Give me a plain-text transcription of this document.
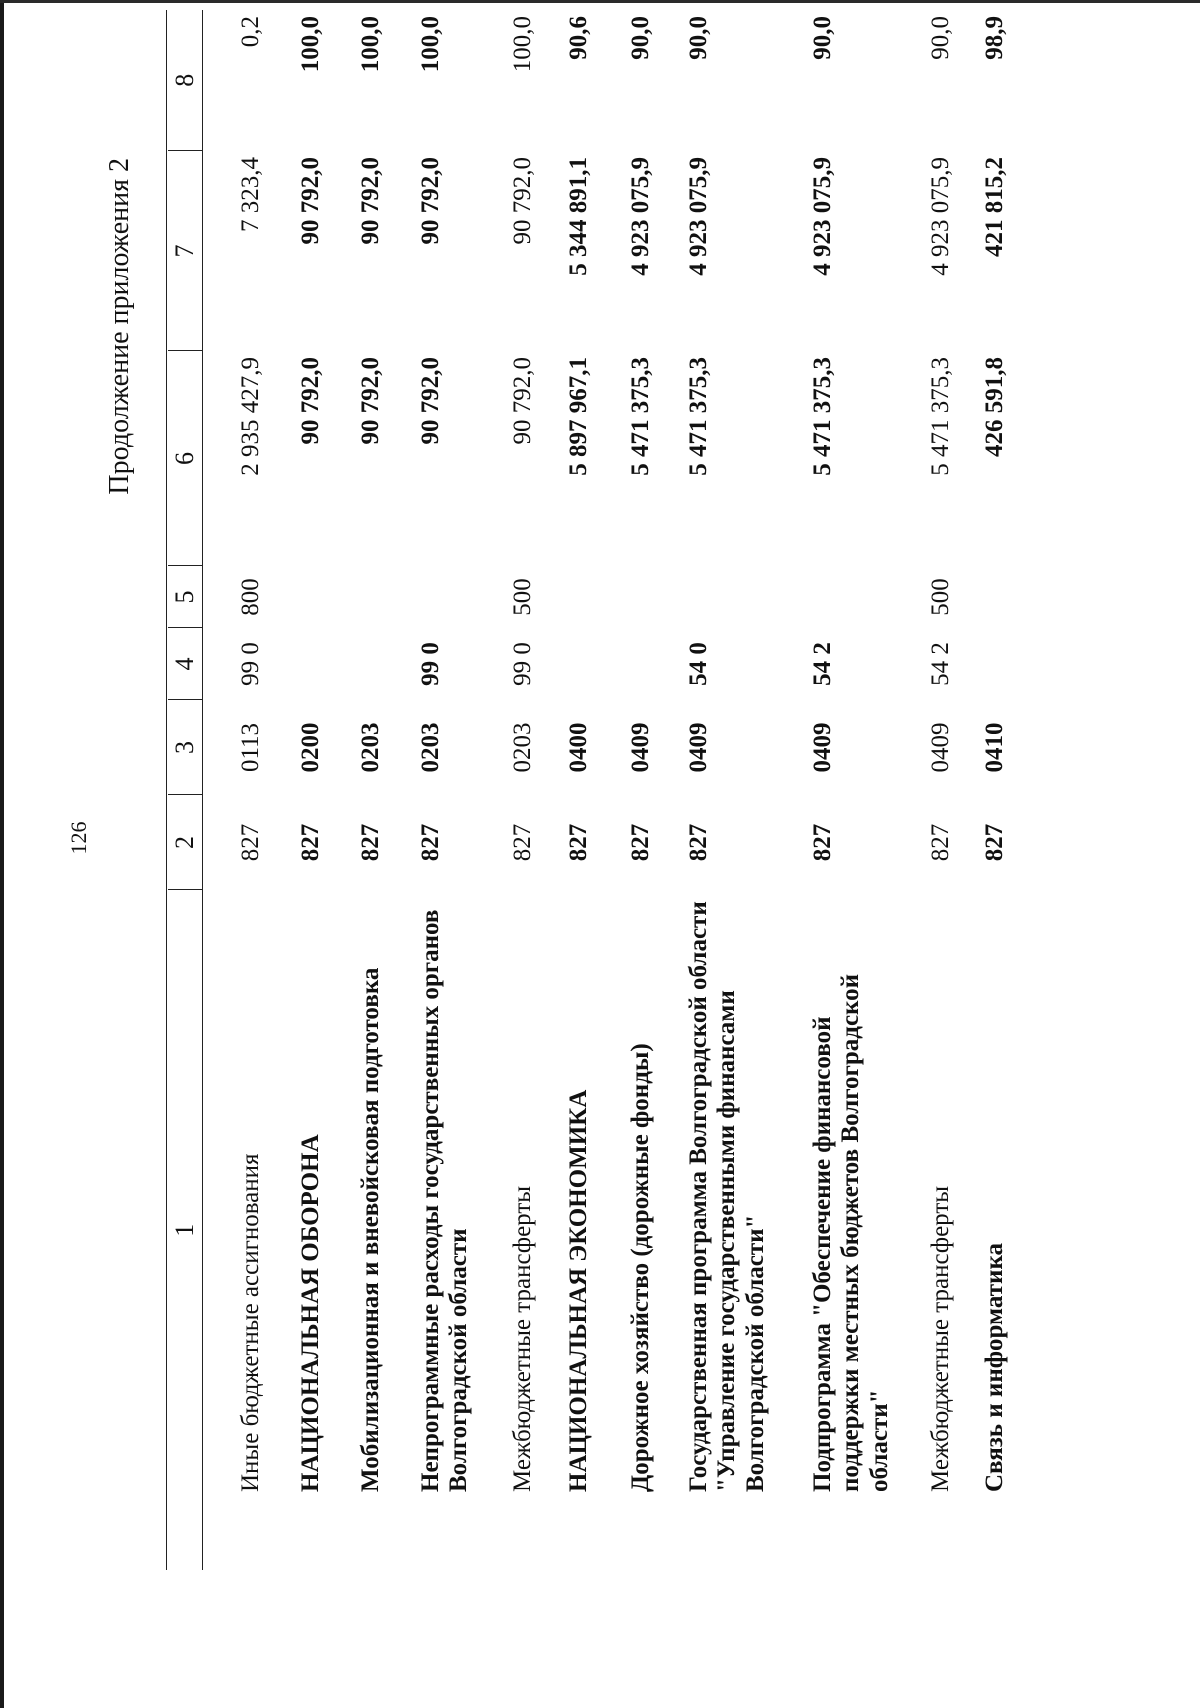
126
Продолжение приложения 2
1	2	3	4	5	6	7	8
Иные бюджетные ассигнования	827	0113	99 0	800	2 935 427,9	7 323,4	0,2
НАЦИОНАЛЬНАЯ ОБОРОНА	827	0200			90 792,0	90 792,0	100,0
Мобилизационная и вневойсковая подготовка	827	0203			90 792,0	90 792,0	100,0
Непрограммные расходы государственных органов Волгоградской области	827	0203	99 0		90 792,0	90 792,0	100,0
Межбюджетные трансферты	827	0203	99 0	500	90 792,0	90 792,0	100,0
НАЦИОНАЛЬНАЯ ЭКОНОМИКА	827	0400			5 897 967,1	5 344 891,1	90,6
Дорожное хозяйство (дорожные фонды)	827	0409			5 471 375,3	4 923 075,9	90,0
Государственная программа Волгоградской области "Управление государственными финансами Волгоградской области"	827	0409	54 0		5 471 375,3	4 923 075,9	90,0
Подпрограмма "Обеспечение финансовой поддержки местных бюджетов Волгоградской области"	827	0409	54 2		5 471 375,3	4 923 075,9	90,0
Межбюджетные трансферты	827	0409	54 2	500	5 471 375,3	4 923 075,9	90,0
Связь и информатика	827	0410			426 591,8	421 815,2	98,9
